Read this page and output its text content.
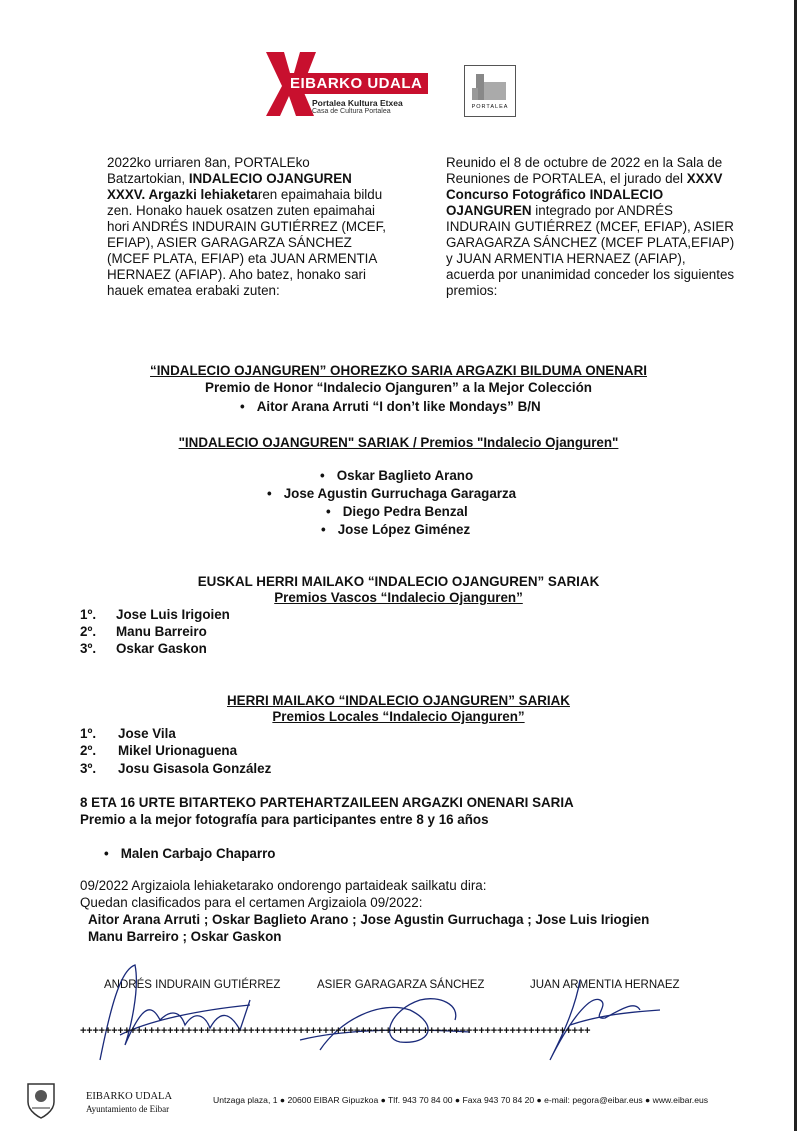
EIBARKO UDALA
Portalea Kultura Etxea
Casa de Cultura Portalea
PORTALEA
2022ko urriaren 8an, PORTALEko Batzartokian, INDALECIO OJANGUREN XXXV. Argazki lehiaketaren epaimahaia bildu zen. Honako hauek osatzen zuten epaimahai hori ANDRÉS INDURAIN GUTIÉRREZ (MCEF, EFIAP), ASIER GARAGARZA SÁNCHEZ (MCEF PLATA, EFIAP) eta JUAN ARMENTIA HERNAEZ (AFIAP). Aho batez, honako sari hauek ematea erabaki zuten:
Reunido el 8 de octubre de 2022 en la Sala de Reuniones de PORTALEA, el jurado del XXXV Concurso Fotográfico INDALECIO OJANGUREN integrado por ANDRÉS INDURAIN GUTIÉRREZ (MCEF, EFIAP), ASIER GARAGARZA SÁNCHEZ (MCEF PLATA,EFIAP) y JUAN ARMENTIA HERNAEZ (AFIAP), acuerda por unanimidad conceder los siguientes premios:
“INDALECIO OJANGUREN” OHOREZKO SARIA ARGAZKI BILDUMA ONENARI
Premio de Honor “Indalecio Ojanguren” a la Mejor Colección
• Aitor Arana Arruti “I don’t like Mondays” B/N
"INDALECIO OJANGUREN" SARIAK / Premios "Indalecio Ojanguren"
• Oskar Baglieto Arano
• Jose Agustin Gurruchaga Garagarza
• Diego Pedra Benzal
• Jose López Giménez
EUSKAL HERRI MAILAKO “INDALECIO OJANGUREN” SARIAK
Premios Vascos “Indalecio Ojanguren”
1º. Jose Luis Irigoien
2º. Manu Barreiro
3º. Oskar Gaskon
HERRI MAILAKO “INDALECIO OJANGUREN” SARIAK
Premios Locales “Indalecio Ojanguren”
1º. Jose Vila
2º. Mikel Urionaguena
3º. Josu Gisasola González
8 ETA 16 URTE BITARTEKO PARTEHARTZAILEEN ARGAZKI ONENARI SARIA
Premio a la mejor fotografía para participantes entre 8 y 16 años
• Malen Carbajo Chaparro
09/2022 Argizaiola lehiaketarako ondorengo partaideak sailkatu dira:
Quedan clasificados para el certamen Argizaiola 09/2022:
Aitor Arana Arruti ; Oskar Baglieto Arano ; Jose Agustin Gurruchaga ; Jose Luis Iriogien
Manu Barreiro ; Oskar Gaskon
ANDRÉS INDURAIN GUTIÉRREZ	ASIER GARAGARZA SÁNCHEZ	JUAN ARMENTIA HERNAEZ
++++++++++++++++++++++++++++++++++++++++++++++++++++++++++++++++++++++++++++++++++
EIBARKO UDALA
Ayuntamiento de Eibar
Untzaga plaza, 1 ● 20600 EIBAR Gipuzkoa ● Tlf. 943 70 84 00 ● Faxa 943 70 84 20 ● e-mail: pegora@eibar.eus ● www.eibar.eus
